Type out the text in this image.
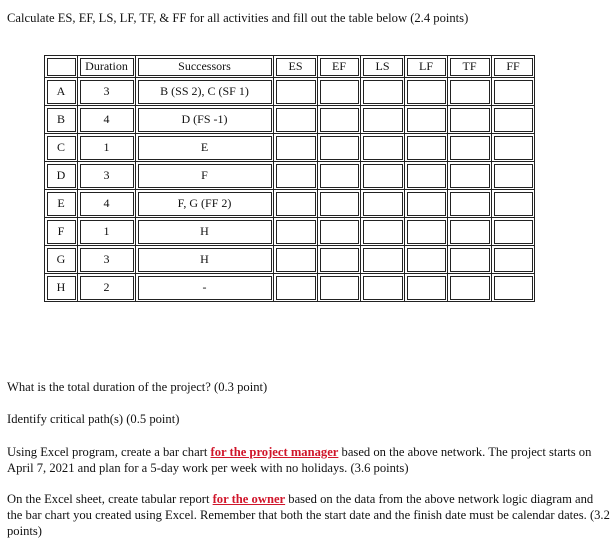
Calculate ES, EF, LS, LF, TF, & FF for all activities and fill out the table below (2.4 points)
	Duration	Successors	ES	EF	LS	LF	TF	FF
A	3	B (SS 2), C (SF 1)						
B	4	D (FS -1)						
C	1	E						
D	3	F						
E	4	F, G (FF 2)						
F	1	H						
G	3	H						
H	2	-						
What is the total duration of the project? (0.3 point)
Identify critical path(s) (0.5 point)
Using Excel program, create a bar chart for the project manager based on the above network. The project starts on April 7, 2021 and plan for a 5-day work per week with no holidays. (3.6 points)
On the Excel sheet, create tabular report for the owner based on the data from the above network logic diagram and the bar chart you created using Excel. Remember that both the start date and the finish date must be calendar dates. (3.2 points)
